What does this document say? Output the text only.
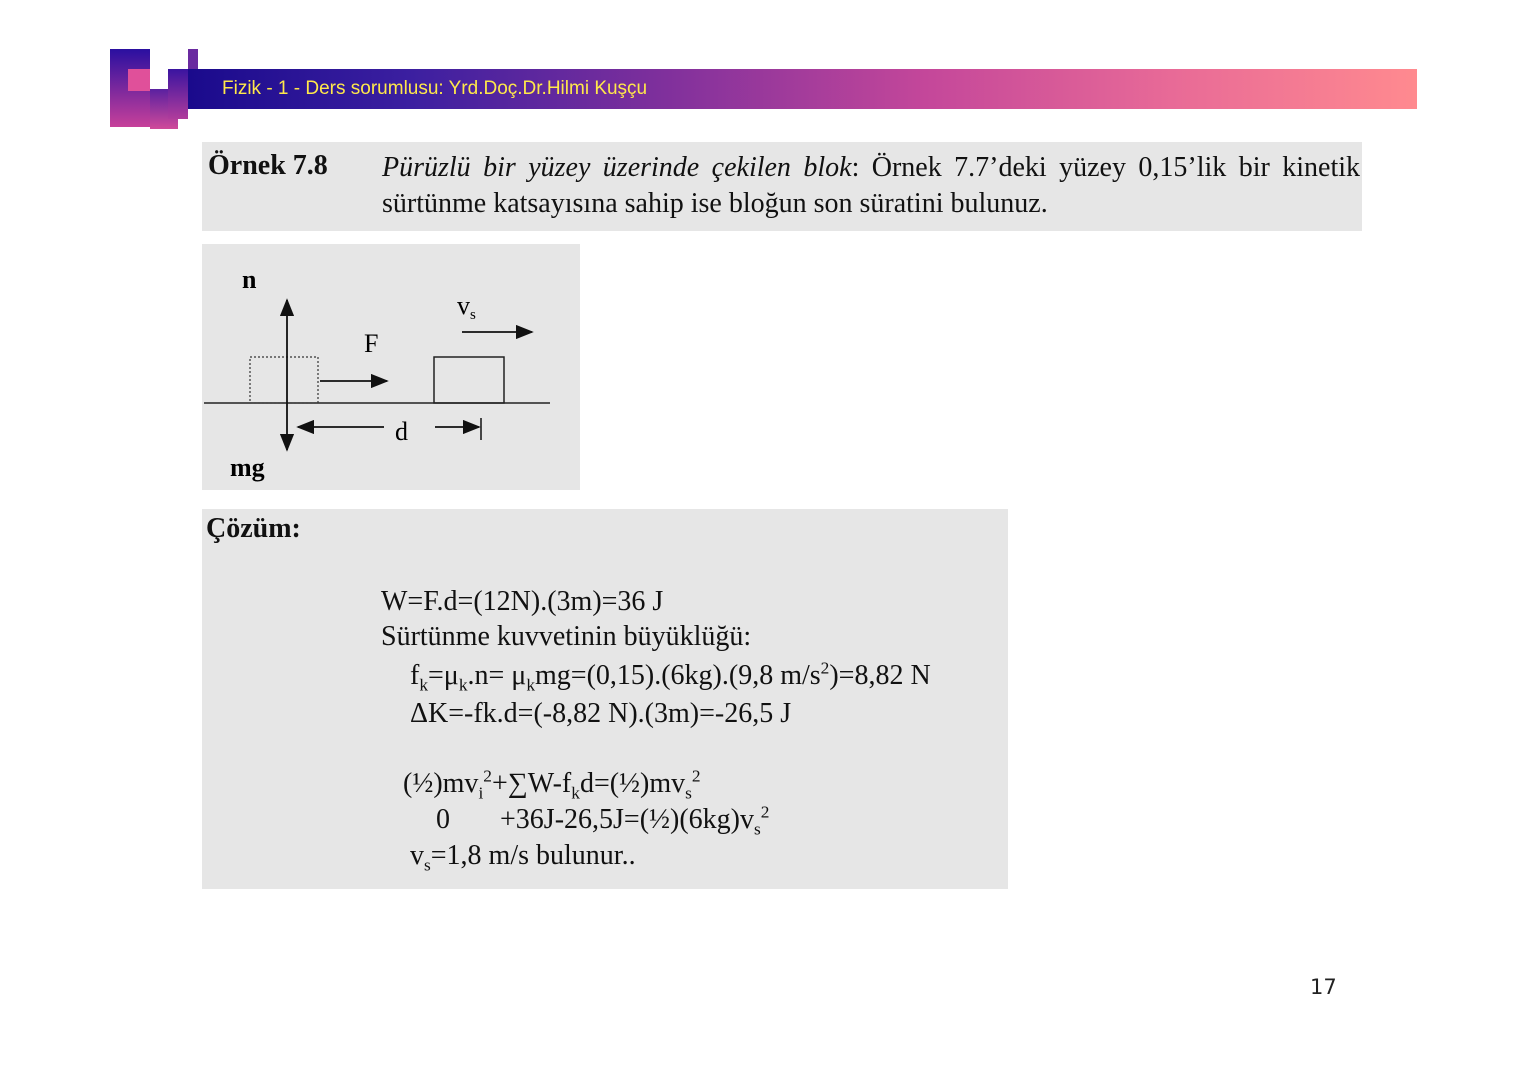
Fizik - 1 - Ders sorumlusu: Yrd.Doç.Dr.Hilmi Kuşçu
Örnek 7.8 Pürüzlü bir yüzey üzerinde çekilen blok: Örnek 7.7’deki yüzey 0,15’lik bir kinetik sürtünme katsayısına sahip ise bloğun son süratini bulunuz.
n
mg
F
d
vs
Çözüm:
W=F.d=(12N).(3m)=36 J
Sürtünme kuvvetinin büyüklüğü:
$f_k=\mu_k.n= \mu_kmg=(0,15).(6kg).(9,8$ $m/s^2)=8,82$ N
ΔK=-fk.d=(-8,82 N).(3m)=-26,5 J
$(\frac{1}{2})mv_i^2+\sum W-f_kd=(\frac{1}{2})mv_s^2$
$0 +36J-26,5J=(\frac{1}{2})(6kg)v_s^2$
$v_s=1,8$ m/s bulunur..
17
